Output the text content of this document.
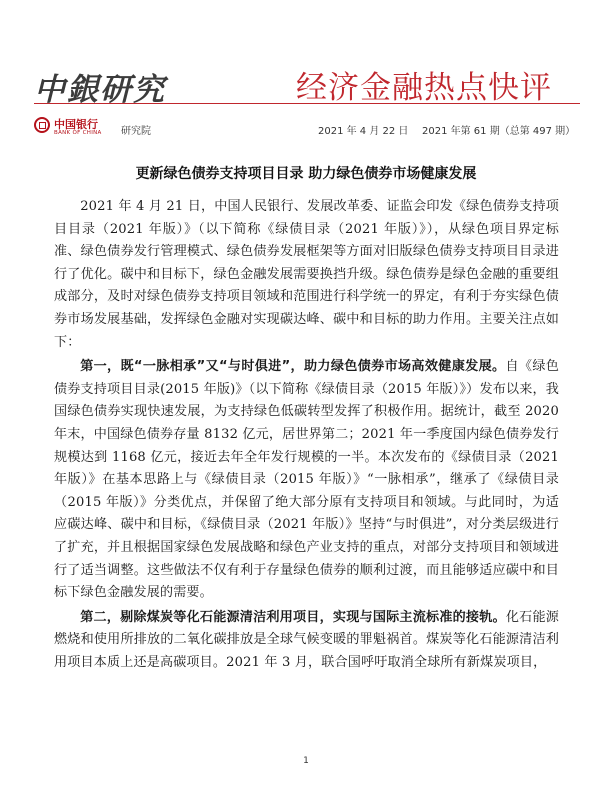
中銀研究	经济金融热点快评
中国银行
BANK OF CHINA 研究院	2021 年 4 月 22 日 2021 年第 61 期（总第 497 期）
更新绿色债券支持项目目录 助力绿色债券市场健康发展

2021 年 4 月 21 日，中国人民银行、发展改革委、证监会印发《绿色债券支持项目目录（2021 年版）》（以下简称《绿债目录（2021 年版）》），从绿色项目界定标准、绿色债券发行管理模式、绿色债券发展框架等方面对旧版绿色债券支持项目目录进行了优化。碳中和目标下，绿色金融发展需要换挡升级。绿色债券是绿色金融的重要组成部分，及时对绿色债券支持项目领域和范围进行科学统一的界定，有利于夯实绿色债券市场发展基础，发挥绿色金融对实现碳达峰、碳中和目标的助力作用。主要关注点如下：

第一，既“一脉相承”又“与时俱进”，助力绿色债券市场高效健康发展。自《绿色债券支持项目目录(2015 年版)》（以下简称《绿债目录（2015 年版）》）发布以来，我国绿色债券实现快速发展，为支持绿色低碳转型发挥了积极作用。据统计，截至 2020 年末，中国绿色债券存量 8132 亿元，居世界第二；2021 年一季度国内绿色债券发行规模达到 1168 亿元，接近去年全年发行规模的一半。本次发布的《绿债目录（2021 年版）》在基本思路上与《绿债目录（2015 年版）》“一脉相承”，继承了《绿债目录（2015 年版）》分类优点，并保留了绝大部分原有支持项目和领域。与此同时，为适应碳达峰、碳中和目标，《绿债目录（2021 年版）》坚持“与时俱进”，对分类层级进行了扩充，并且根据国家绿色发展战略和绿色产业支持的重点，对部分支持项目和领域进行了适当调整。这些做法不仅有利于存量绿色债券的顺利过渡，而且能够适应碳中和目标下绿色金融发展的需要。

第二，剔除煤炭等化石能源清洁利用项目，实现与国际主流标准的接轨。化石能源燃烧和使用所排放的二氧化碳排放是全球气候变暖的罪魁祸首。煤炭等化石能源清洁利用项目本质上还是高碳项目。2021 年 3 月，联合国呼吁取消全球所有新煤炭项目，

1
